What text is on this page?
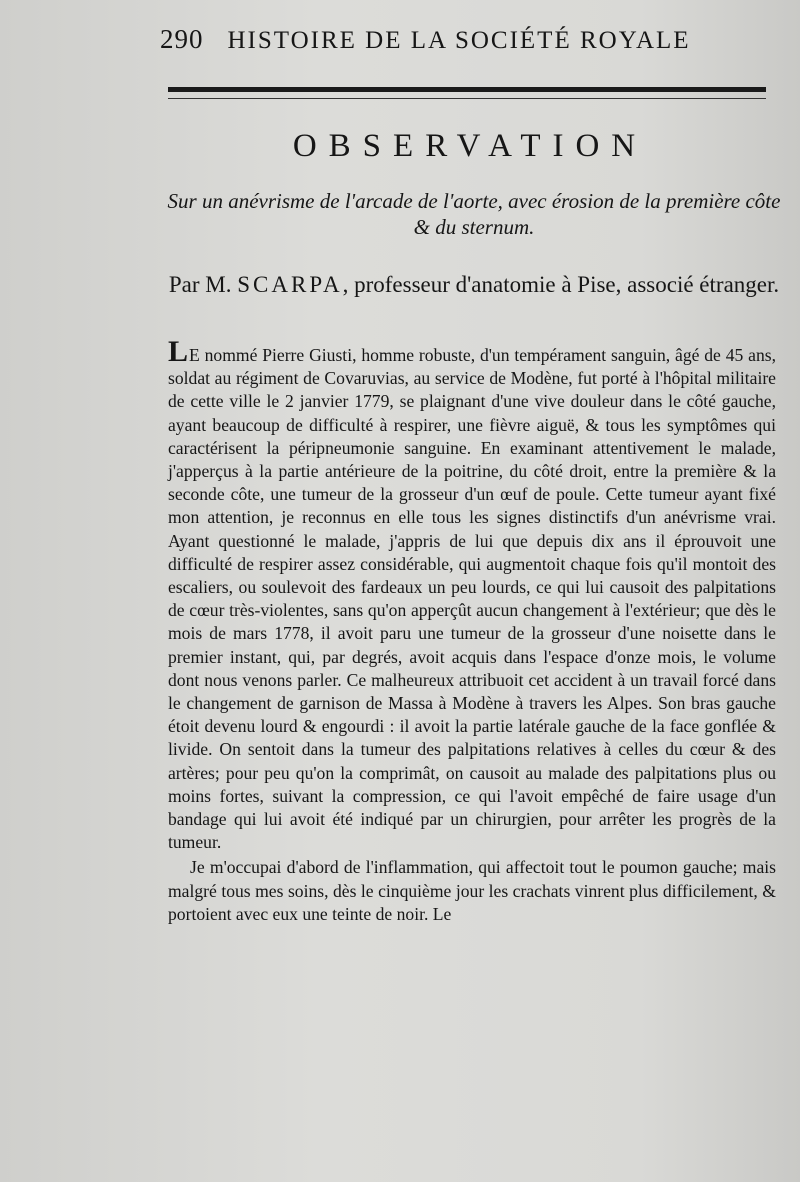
290 HISTOIRE DE LA SOCIÉTÉ ROYALE
OBSERVATION
Sur un anévrisme de l'arcade de l'aorte, avec érosion de la première côte & du sternum.
Par M. SCARPA, professeur d'anatomie à Pise, associé étranger.

LE nommé Pierre Giusti, homme robuste, d'un tempérament sanguin, âgé de 45 ans, soldat au régiment de Covaruvias, au service de Modène, fut porté à l'hôpital militaire de cette ville le 2 janvier 1779, se plaignant d'une vive douleur dans le côté gauche, ayant beaucoup de difficulté à respirer, une fièvre aiguë, & tous les symptômes qui caractérisent la péripneumonie sanguine. En examinant attentivement le malade, j'apperçus à la partie antérieure de la poitrine, du côté droit, entre la première & la seconde côte, une tumeur de la grosseur d'un œuf de poule. Cette tumeur ayant fixé mon attention, je reconnus en elle tous les signes distinctifs d'un anévrisme vrai. Ayant questionné le malade, j'appris de lui que depuis dix ans il éprouvoit une difficulté de respirer assez considérable, qui augmentoit chaque fois qu'il montoit des escaliers, ou soulevoit des fardeaux un peu lourds, ce qui lui causoit des palpitations de cœur très-violentes, sans qu'on apperçût aucun changement à l'extérieur; que dès le mois de mars 1778, il avoit paru une tumeur de la grosseur d'une noisette dans le premier instant, qui, par degrés, avoit acquis dans l'espace d'onze mois, le volume dont nous venons parler. Ce malheureux attribuoit cet accident à un travail forcé dans le changement de garnison de Massa à Modène à travers les Alpes. Son bras gauche étoit devenu lourd & engourdi : il avoit la partie latérale gauche de la face gonflée & livide. On sentoit dans la tumeur des palpitations relatives à celles du cœur & des artères; pour peu qu'on la comprimât, on causoit au malade des palpitations plus ou moins fortes, suivant la compression, ce qui l'avoit empêché de faire usage d'un bandage qui lui avoit été indiqué par un chirurgien, pour arrêter les progrès de la tumeur.

Je m'occupai d'abord de l'inflammation, qui affectoit tout le poumon gauche; mais malgré tous mes soins, dès le cinquième jour les crachats vinrent plus difficilement, & portoient avec eux une teinte de noir. Le
